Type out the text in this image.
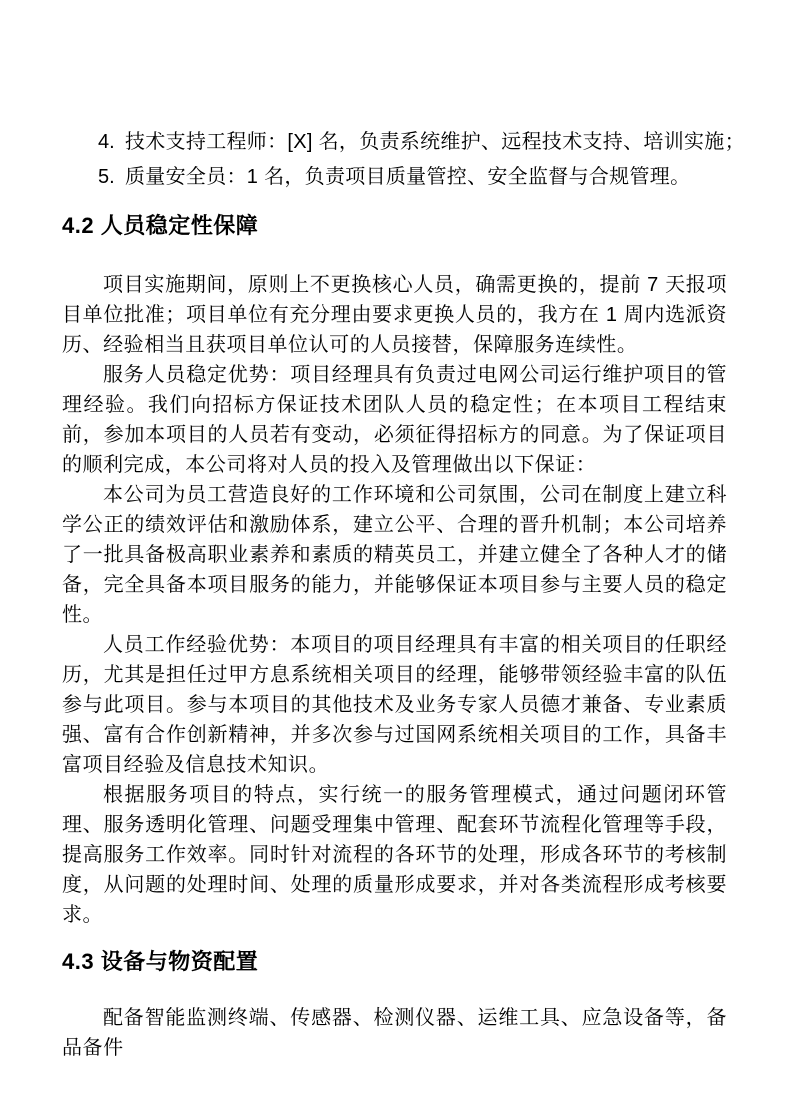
4. 技术支持工程师：[X] 名，负责系统维护、远程技术支持、培训实施；
5. 质量安全员：1 名，负责项目质量管控、安全监督与合规管理。
4.2 人员稳定性保障

项目实施期间，原则上不更换核心人员，确需更换的，提前 7 天报项目单位批准；项目单位有充分理由要求更换人员的，我方在 1 周内选派资历、经验相当且获项目单位认可的人员接替，保障服务连续性。

服务人员稳定优势：项目经理具有负责过电网公司运行维护项目的管理经验。我们向招标方保证技术团队人员的稳定性；在本项目工程结束前，参加本项目的人员若有变动，必须征得招标方的同意。为了保证项目的顺利完成，本公司将对人员的投入及管理做出以下保证：

本公司为员工营造良好的工作环境和公司氛围，公司在制度上建立科学公正的绩效评估和激励体系，建立公平、合理的晋升机制；本公司培养了一批具备极高职业素养和素质的精英员工，并建立健全了各种人才的储备，完全具备本项目服务的能力，并能够保证本项目参与主要人员的稳定性。

人员工作经验优势：本项目的项目经理具有丰富的相关项目的任职经历，尤其是担任过甲方息系统相关项目的经理，能够带领经验丰富的队伍参与此项目。参与本项目的其他技术及业务专家人员德才兼备、专业素质强、富有合作创新精神，并多次参与过国网系统相关项目的工作，具备丰富项目经验及信息技术知识。

根据服务项目的特点，实行统一的服务管理模式，通过问题闭环管理、服务透明化管理、问题受理集中管理、配套环节流程化管理等手段，提高服务工作效率。同时针对流程的各环节的处理，形成各环节的考核制度，从问题的处理时间、处理的质量形成要求，并对各类流程形成考核要求。

4.3 设备与物资配置

配备智能监测终端、传感器、检测仪器、运维工具、应急设备等，备品备件
